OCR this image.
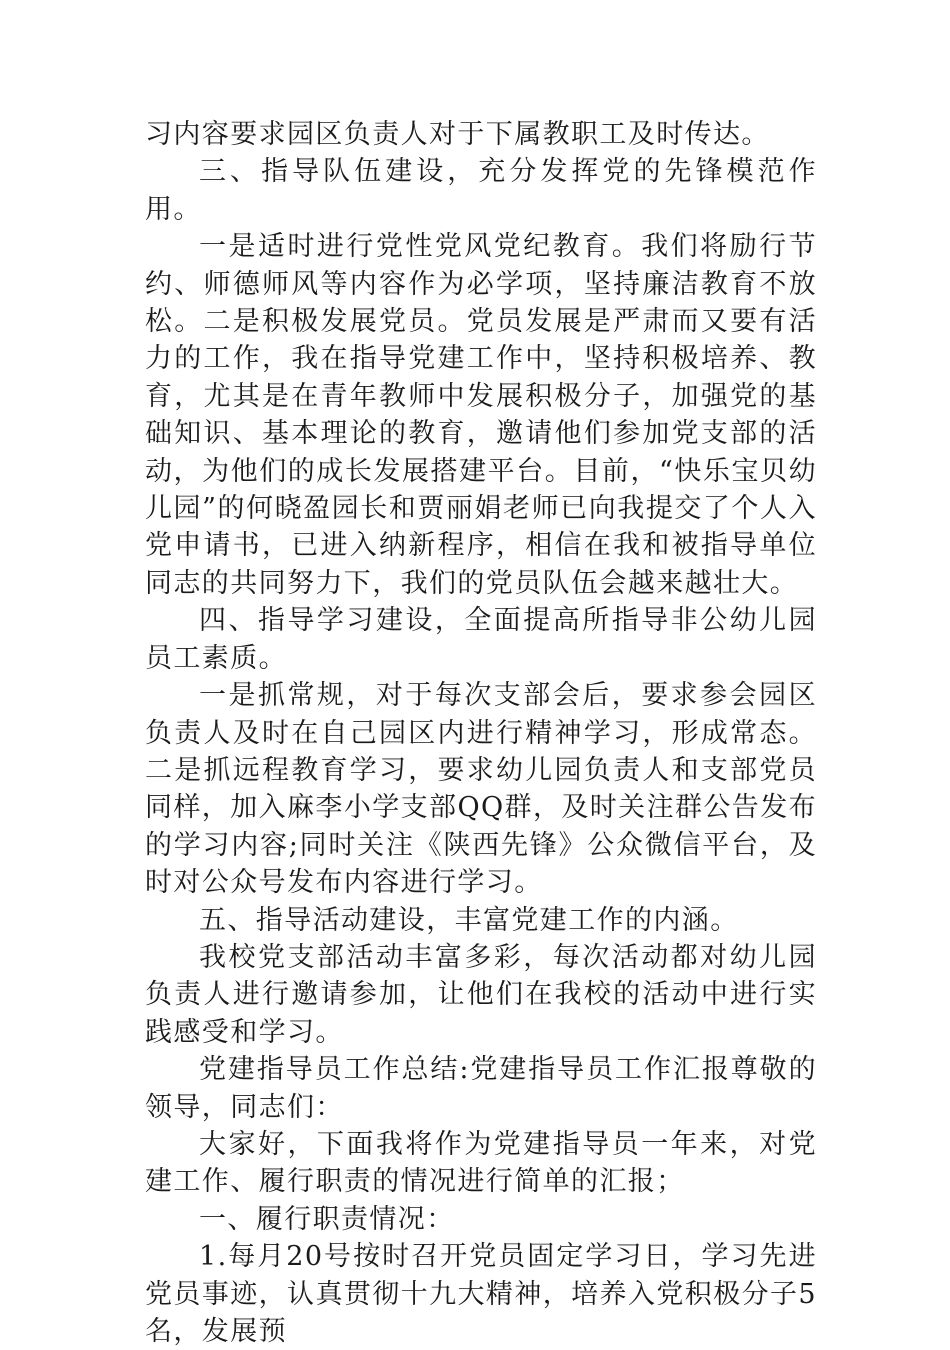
习内容要求园区负责人对于下属教职工及时传达。

三、指导队伍建设，充分发挥党的先锋模范作用。

一是适时进行党性党风党纪教育。我们将励行节约、师德师风等内容作为必学项，坚持廉洁教育不放松。二是积极发展党员。党员发展是严肃而又要有活力的工作，我在指导党建工作中，坚持积极培养、教育，尤其是在青年教师中发展积极分子，加强党的基础知识、基本理论的教育，邀请他们参加党支部的活动，为他们的成长发展搭建平台。目前，“快乐宝贝幼儿园”的何晓盈园长和贾丽娟老师已向我提交了个人入党申请书，已进入纳新程序，相信在我和被指导单位同志的共同努力下，我们的党员队伍会越来越壮大。

四、指导学习建设，全面提高所指导非公幼儿园员工素质。

一是抓常规，对于每次支部会后，要求参会园区负责人及时在自己园区内进行精神学习，形成常态。二是抓远程教育学习，要求幼儿园负责人和支部党员同样，加入麻李小学支部QQ群，及时关注群公告发布的学习内容;同时关注《陕西先锋》公众微信平台，及时对公众号发布内容进行学习。

五、指导活动建设，丰富党建工作的内涵。

我校党支部活动丰富多彩，每次活动都对幼儿园负责人进行邀请参加，让他们在我校的活动中进行实践感受和学习。

党建指导员工作总结:党建指导员工作汇报尊敬的领导，同志们：

大家好，下面我将作为党建指导员一年来，对党建工作、履行职责的情况进行简单的汇报；

一、履行职责情况：

1.每月20号按时召开党员固定学习日，学习先进党员事迹，认真贯彻十九大精神，培养入党积极分子5名，发展预
